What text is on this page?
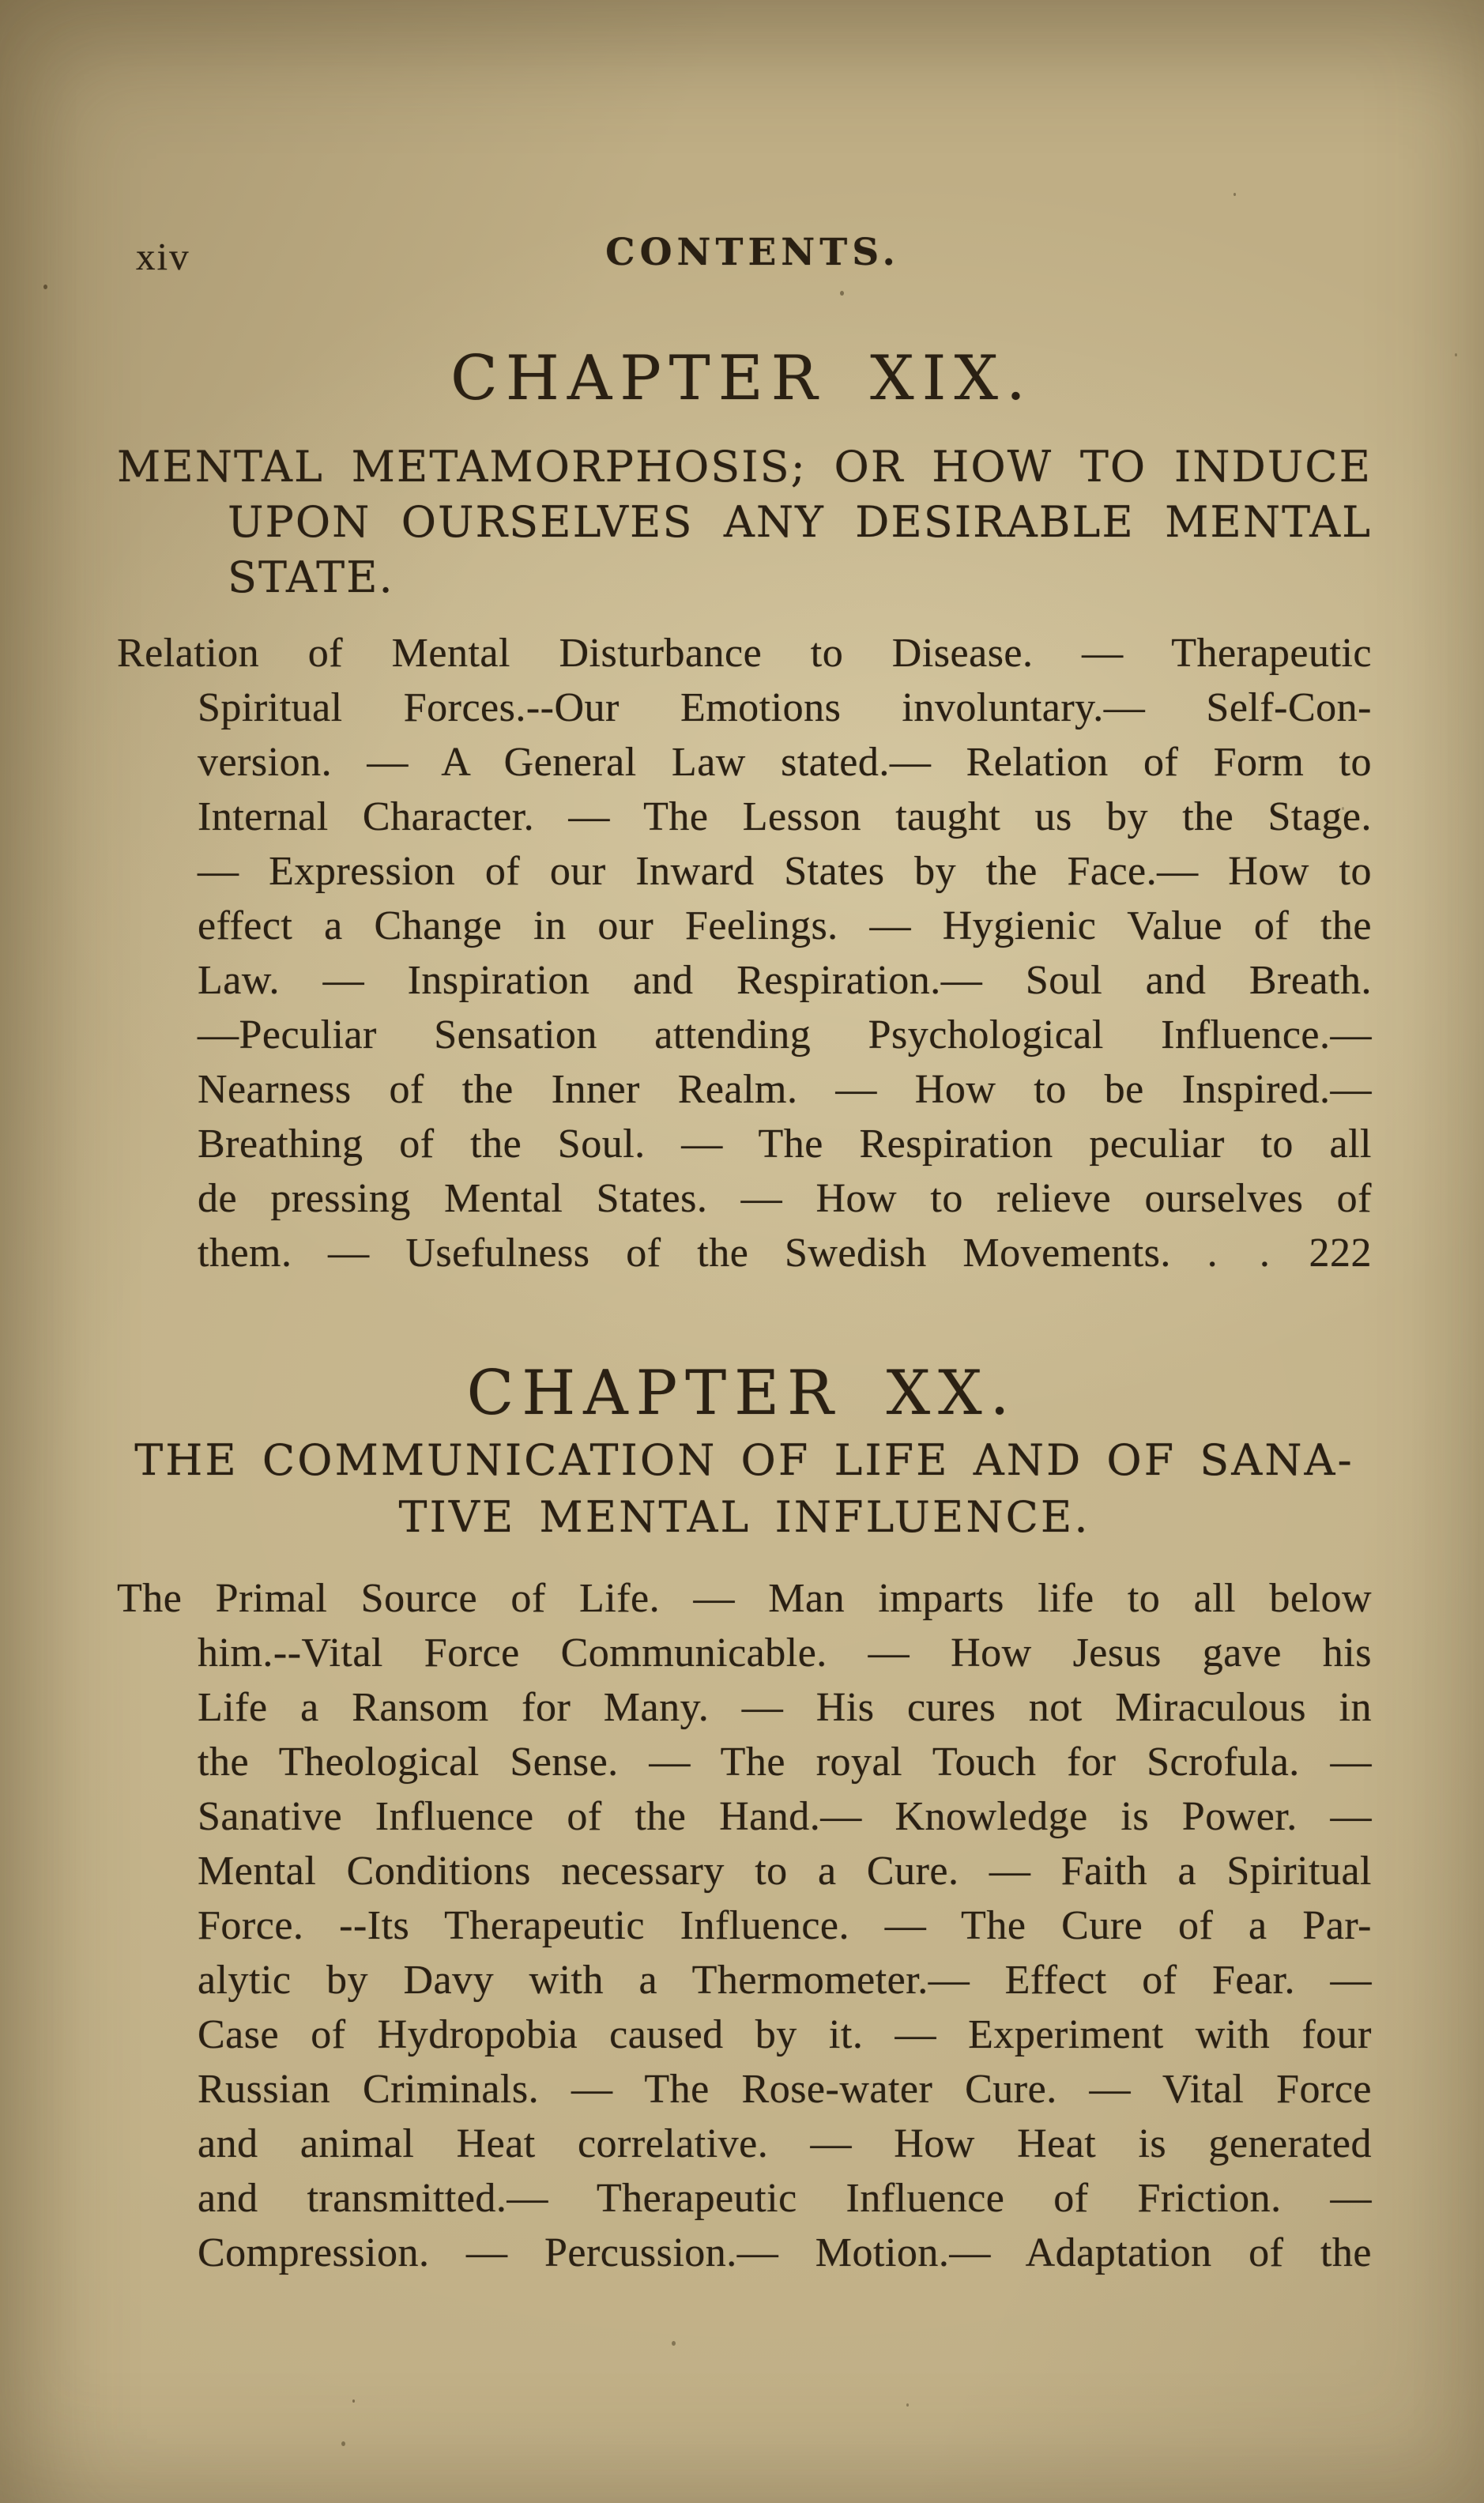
xiv	CONTENTS.
CHAPTER XIX.
MENTAL METAMORPHOSIS; OR HOW TO INDUCE
UPON OURSELVES ANY DESIRABLE MENTAL
STATE.
Relation of Mental Disturbance to Disease. — Therapeutic
Spiritual Forces.--Our Emotions involuntary.— Self-Con-
version. — A General Law stated.— Relation of Form to
Internal Character. — The Lesson taught us by the Stage.
— Expression of our Inward States by the Face.— How to
effect a Change in our Feelings. — Hygienic Value of the
Law. — Inspiration and Respiration.— Soul and Breath.
—Peculiar Sensation attending Psychological Influence.—
Nearness of the Inner Realm. — How to be Inspired.—
Breathing of the Soul. — The Respiration peculiar to all
de pressing Mental States. — How to relieve ourselves of
them. — Usefulness of the Swedish Movements. . . 222
CHAPTER XX.
THE COMMUNICATION OF LIFE AND OF SANA-
TIVE MENTAL INFLUENCE.
The Primal Source of Life. — Man imparts life to all below
him.--Vital Force Communicable. — How Jesus gave his
Life a Ransom for Many. — His cures not Miraculous in
the Theological Sense. — The royal Touch for Scrofula. —
Sanative Influence of the Hand.— Knowledge is Power. —
Mental Conditions necessary to a Cure. — Faith a Spiritual
Force. --Its Therapeutic Influence. — The Cure of a Par-
alytic by Davy with a Thermometer.— Effect of Fear. —
Case of Hydropobia caused by it. — Experiment with four
Russian Criminals. — The Rose-water Cure. — Vital Force
and animal Heat correlative. — How Heat is generated
and transmitted.— Therapeutic Influence of Friction. —
Compression. — Percussion.— Motion.— Adaptation of the
